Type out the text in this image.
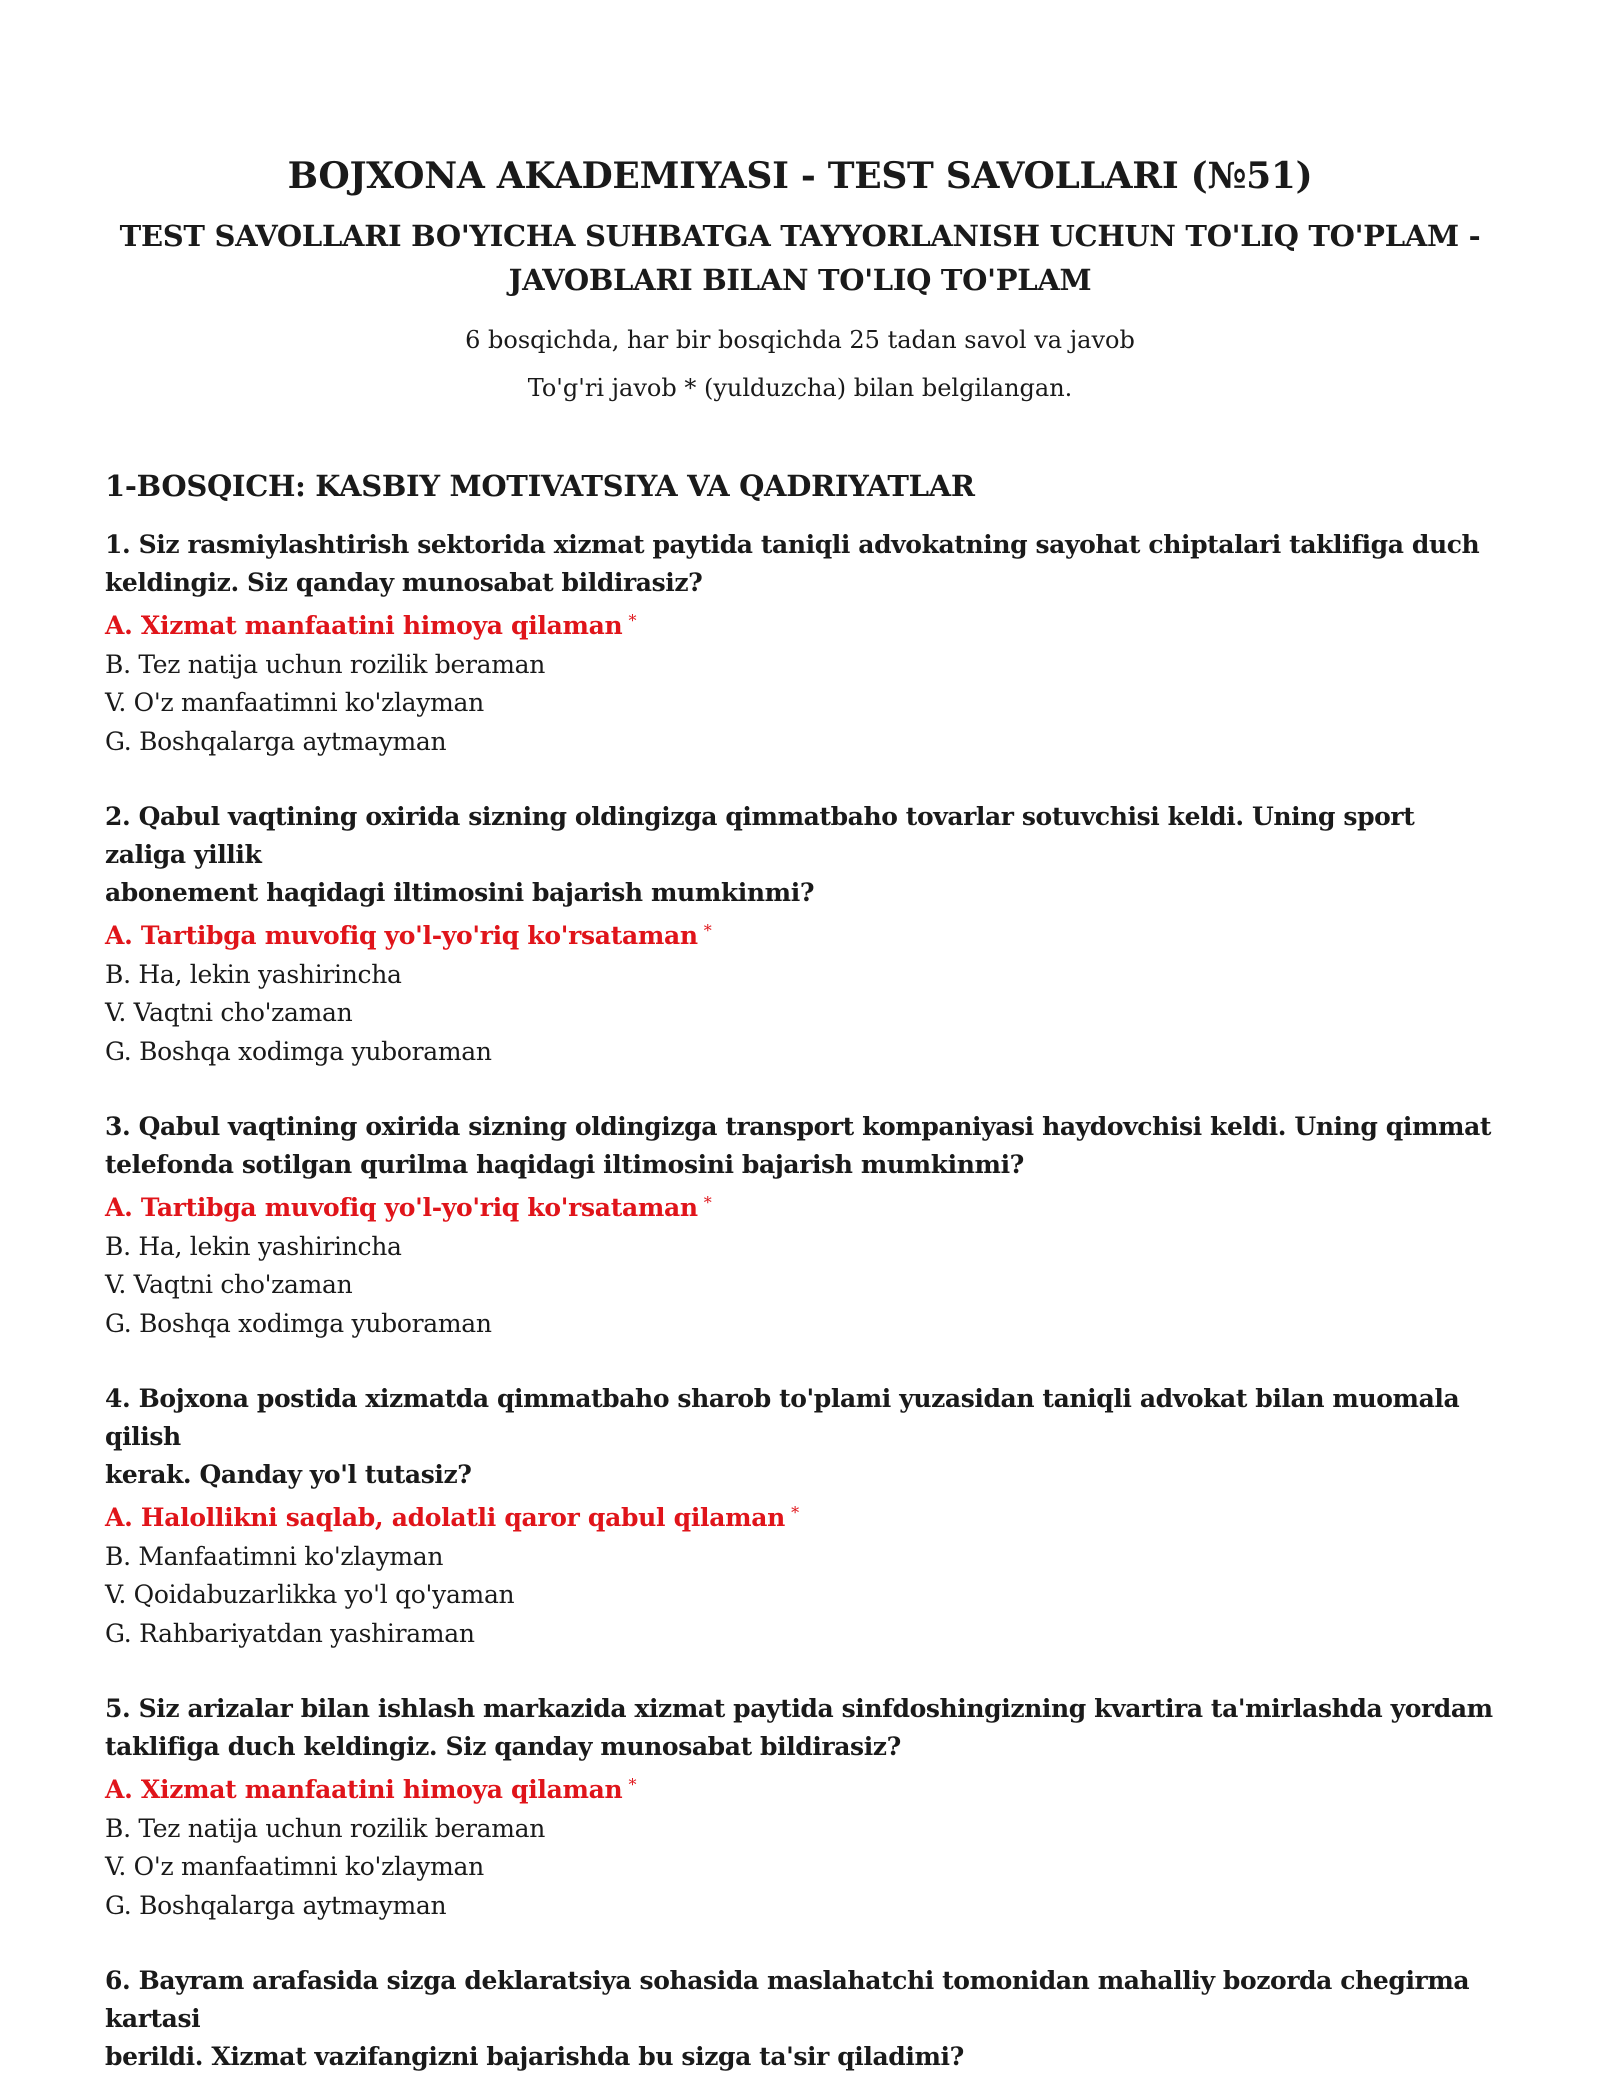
BOJXONA AKADEMIYASI - TEST SAVOLLARI (№51)
TEST SAVOLLARI BO'YICHA SUHBATGA TAYYORLANISH UCHUN TO'LIQ TO'PLAM -
JAVOBLARI BILAN TO'LIQ TO'PLAM

6 bosqichda, har bir bosqichda 25 tadan savol va javob

To'g'ri javob * (yulduzcha) bilan belgilangan.

1-BOSQICH: KASBIY MOTIVATSIYA VA QADRIYATLAR

1. Siz rasmiylashtirish sektorida xizmat paytida taniqli advokatning sayohat chiptalari taklifiga duch
keldingiz. Siz qanday munosabat bildirasiz?

A. Xizmat manfaatini himoya qilaman *

B. Tez natija uchun rozilik beraman

V. O'z manfaatimni ko'zlayman

G. Boshqalarga aytmayman

2. Qabul vaqtining oxirida sizning oldingizga qimmatbaho tovarlar sotuvchisi keldi. Uning sport zaliga yillik
abonement haqidagi iltimosini bajarish mumkinmi?

A. Tartibga muvofiq yo'l-yo'riq ko'rsataman *

B. Ha, lekin yashirincha

V. Vaqtni cho'zaman

G. Boshqa xodimga yuboraman

3. Qabul vaqtining oxirida sizning oldingizga transport kompaniyasi haydovchisi keldi. Uning qimmat
telefonda sotilgan qurilma haqidagi iltimosini bajarish mumkinmi?

A. Tartibga muvofiq yo'l-yo'riq ko'rsataman *

B. Ha, lekin yashirincha

V. Vaqtni cho'zaman

G. Boshqa xodimga yuboraman

4. Bojxona postida xizmatda qimmatbaho sharob to'plami yuzasidan taniqli advokat bilan muomala qilish
kerak. Qanday yo'l tutasiz?

A. Halollikni saqlab, adolatli qaror qabul qilaman *

B. Manfaatimni ko'zlayman

V. Qoidabuzarlikka yo'l qo'yaman

G. Rahbariyatdan yashiraman

5. Siz arizalar bilan ishlash markazida xizmat paytida sinfdoshingizning kvartira ta'mirlashda yordam
taklifiga duch keldingiz. Siz qanday munosabat bildirasiz?

A. Xizmat manfaatini himoya qilaman *

B. Tez natija uchun rozilik beraman

V. O'z manfaatimni ko'zlayman

G. Boshqalarga aytmayman

6. Bayram arafasida sizga deklaratsiya sohasida maslahatchi tomonidan mahalliy bozorda chegirma kartasi
berildi. Xizmat vazifangizni bajarishda bu sizga ta'sir qiladimi?
